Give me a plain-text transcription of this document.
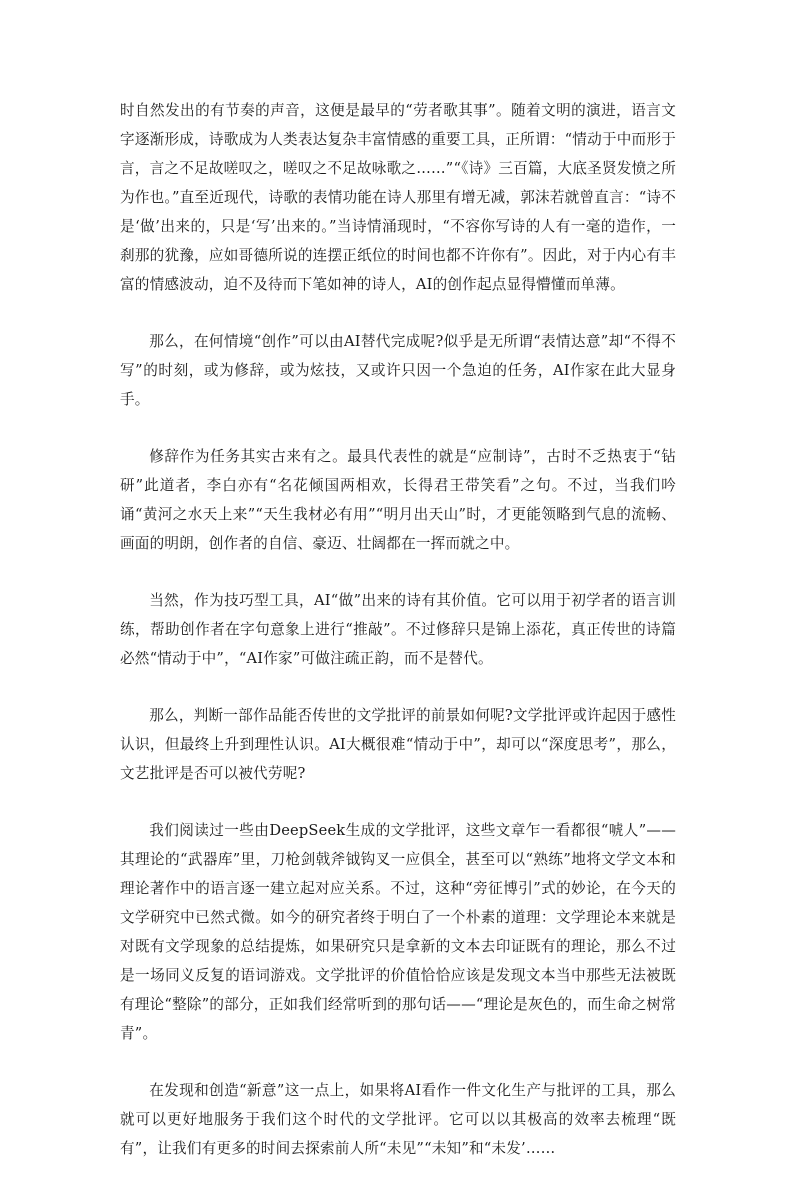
时自然发出的有节奏的声音，这便是最早的“劳者歌其事”。随着文明的演进，语言文字逐渐形成，诗歌成为人类表达复杂丰富情感的重要工具，正所谓：“情动于中而形于言，言之不足故嗟叹之，嗟叹之不足故咏歌之……”“《诗》三百篇，大底圣贤发愤之所为作也。”直至近现代，诗歌的表情功能在诗人那里有增无减，郭沫若就曾直言：“诗不是‘做’出来的，只是‘写’出来的。”当诗情涌现时，“不容你写诗的人有一毫的造作，一刹那的犹豫，应如哥德所说的连摆正纸位的时间也都不许你有”。因此，对于内心有丰富的情感波动，迫不及待而下笔如神的诗人，AI的创作起点显得懵懂而单薄。

那么，在何情境“创作”可以由AI替代完成呢?似乎是无所谓“表情达意”却“不得不写”的时刻，或为修辞，或为炫技，又或许只因一个急迫的任务，AI作家在此大显身手。

修辞作为任务其实古来有之。最具代表性的就是“应制诗”，古时不乏热衷于“钻研”此道者，李白亦有“名花倾国两相欢，长得君王带笑看”之句。不过，当我们吟诵“黄河之水天上来”“天生我材必有用”“明月出天山”时，才更能领略到气息的流畅、画面的明朗，创作者的自信、豪迈、壮阔都在一挥而就之中。

当然，作为技巧型工具，AI“做”出来的诗有其价值。它可以用于初学者的语言训练，帮助创作者在字句意象上进行“推敲”。不过修辞只是锦上添花，真正传世的诗篇必然“情动于中”，“AI作家”可做注疏正韵，而不是替代。

那么，判断一部作品能否传世的文学批评的前景如何呢?文学批评或许起因于感性认识，但最终上升到理性认识。AI大概很难“情动于中”，却可以“深度思考”，那么，文艺批评是否可以被代劳呢?

我们阅读过一些由DeepSeek生成的文学批评，这些文章乍一看都很“唬人”——其理论的“武器库”里，刀枪剑戟斧钺钩叉一应俱全，甚至可以“熟练”地将文学文本和理论著作中的语言逐一建立起对应关系。不过，这种“旁征博引”式的妙论，在今天的文学研究中已然式微。如今的研究者终于明白了一个朴素的道理：文学理论本来就是对既有文学现象的总结提炼，如果研究只是拿新的文本去印证既有的理论，那么不过是一场同义反复的语词游戏。文学批评的价值恰恰应该是发现文本当中那些无法被既有理论“整除”的部分，正如我们经常听到的那句话——“理论是灰色的，而生命之树常青”。

在发现和创造“新意”这一点上，如果将AI看作一件文化生产与批评的工具，那么就可以更好地服务于我们这个时代的文学批评。它可以以其极高的效率去梳理“既有”，让我们有更多的时间去探索前人所“未见”“未知”和“未发’……
